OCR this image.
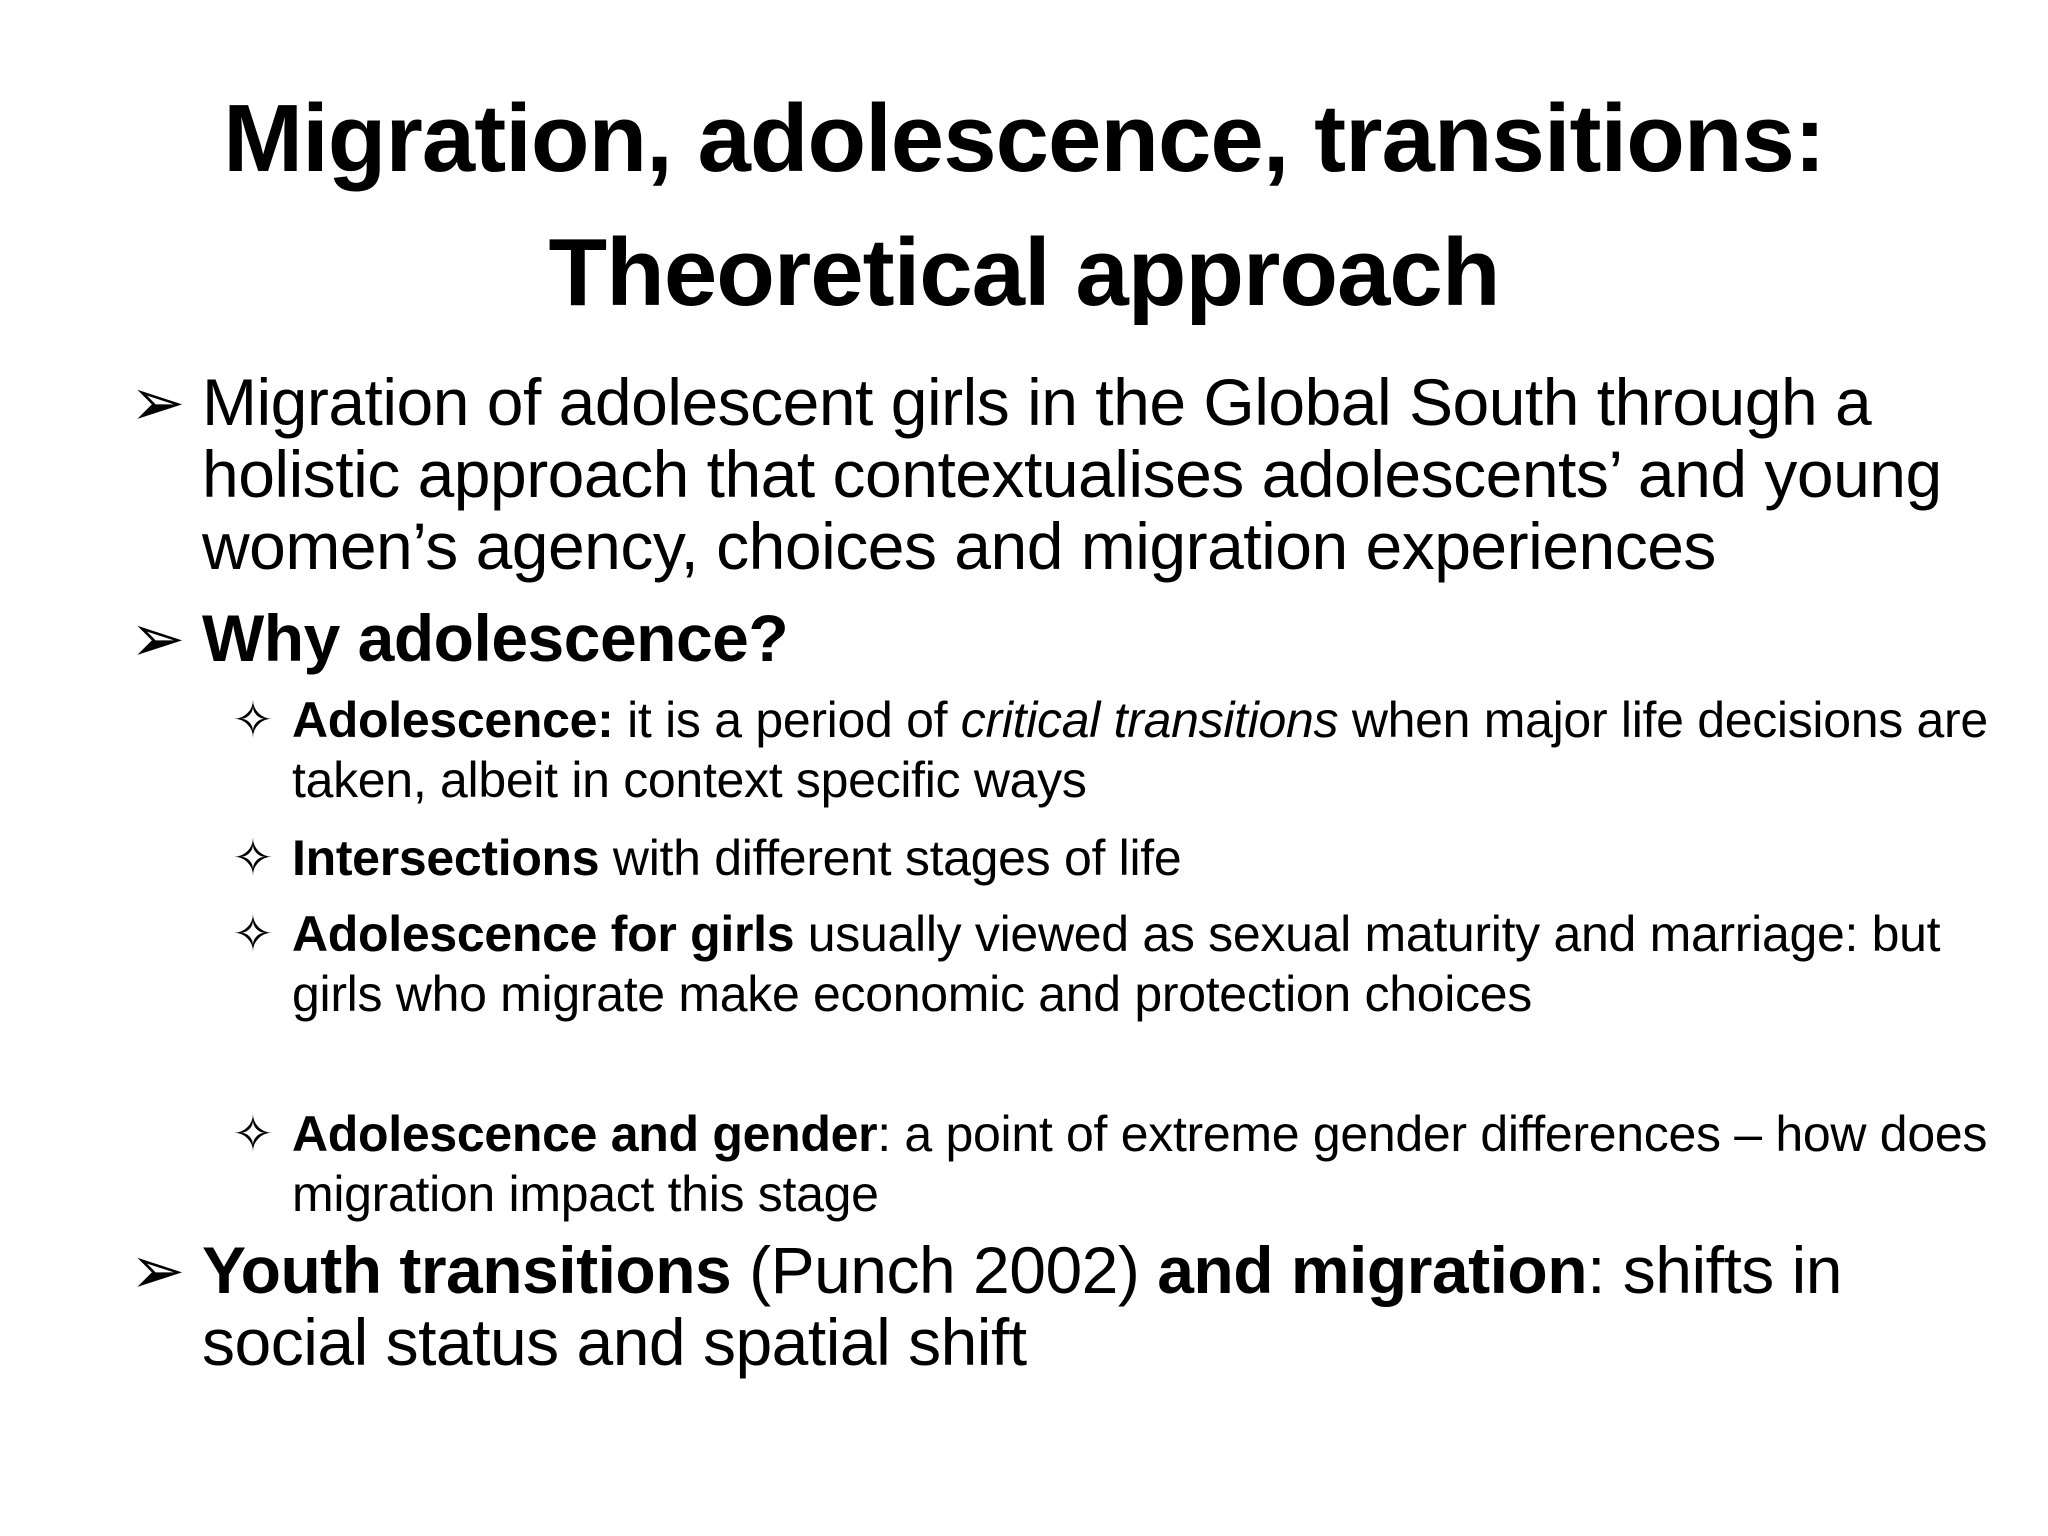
Migration, adolescence, transitions:
Theoretical approach
➢ Migration of adolescent girls in the Global South through a holistic approach that contextualises adolescents’ and young women’s agency, choices and migration experiences
➢ Why adolescence?
✧ Adolescence: it is a period of critical transitions when major life decisions are taken, albeit in context specific ways
✧ Intersections with different stages of life
✧ Adolescence for girls usually viewed as sexual maturity and marriage: but girls who migrate make economic and protection choices
✧ Adolescence and gender: a point of extreme gender differences – how does migration impact this stage
➢ Youth transitions (Punch 2002) and migration: shifts in social status and spatial shift
